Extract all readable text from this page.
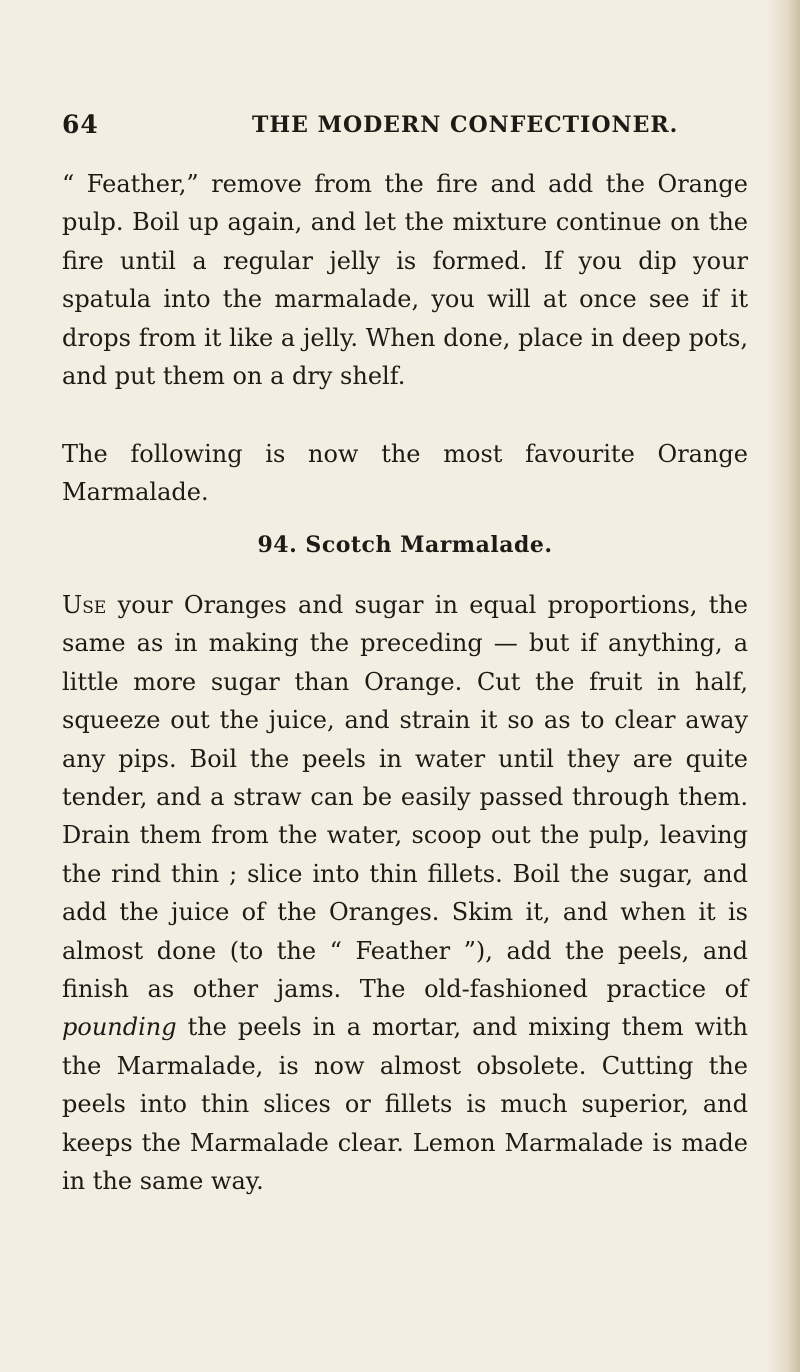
64	THE MODERN CONFECTIONER.

“ Feather,” remove from the fire and add the Orange pulp. Boil up again, and let the mixture continue on the fire until a regular jelly is formed. If you dip your spatula into the marmalade, you will at once see if it drops from it like a jelly. When done, place in deep pots, and put them on a dry shelf.

The following is now the most favourite Orange Marmalade.

94. Scotch Marmalade.

Use your Oranges and sugar in equal proportions, the same as in making the preceding — but if anything, a little more sugar than Orange. Cut the fruit in half, squeeze out the juice, and strain it so as to clear away any pips. Boil the peels in water until they are quite tender, and a straw can be easily passed through them. Drain them from the water, scoop out the pulp, leaving the rind thin ; slice into thin fillets. Boil the sugar, and add the juice of the Oranges. Skim it, and when it is almost done (to the “ Feather ”), add the peels, and finish as other jams. The old-fashioned practice of pounding the peels in a mortar, and mixing them with the Marmalade, is now almost obsolete. Cutting the peels into thin slices or fillets is much superior, and keeps the Marmalade clear. Lemon Marmalade is made in the same way.
